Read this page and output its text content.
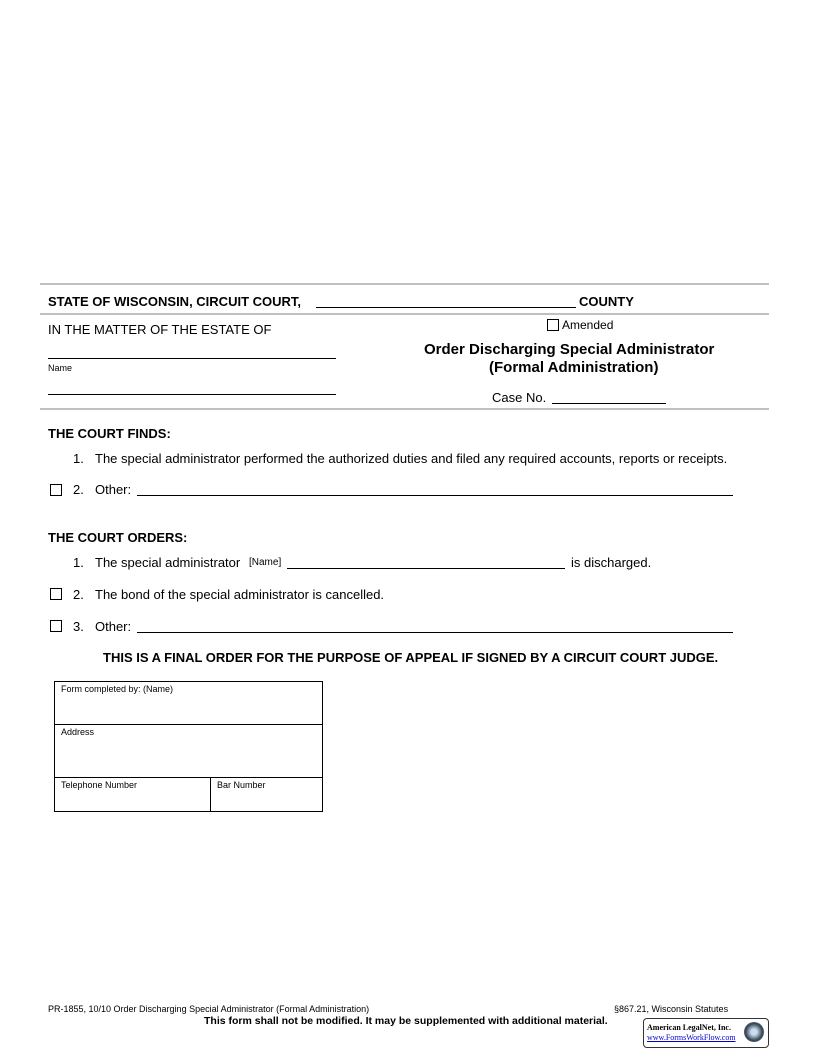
STATE OF WISCONSIN, CIRCUIT COURT,	COUNTY
IN THE MATTER OF THE ESTATE OF
Name
Amended
Order Discharging Special Administrator
(Formal Administration)
Case No.
THE COURT FINDS:
1. The special administrator performed the authorized duties and filed any required accounts, reports or receipts.
2. Other:
THE COURT ORDERS:
1. The special administrator [Name]	is discharged.
2. The bond of the special administrator is cancelled.
3. Other:
THIS IS A FINAL ORDER FOR THE PURPOSE OF APPEAL IF SIGNED BY A CIRCUIT COURT JUDGE.
Form completed by: (Name)
Address
Telephone Number	Bar Number
PR-1855, 10/10 Order Discharging Special Administrator (Formal Administration)	§867.21, Wisconsin Statutes
This form shall not be modified. It may be supplemented with additional material.
American LegalNet, Inc.
www.FormsWorkFlow.com
